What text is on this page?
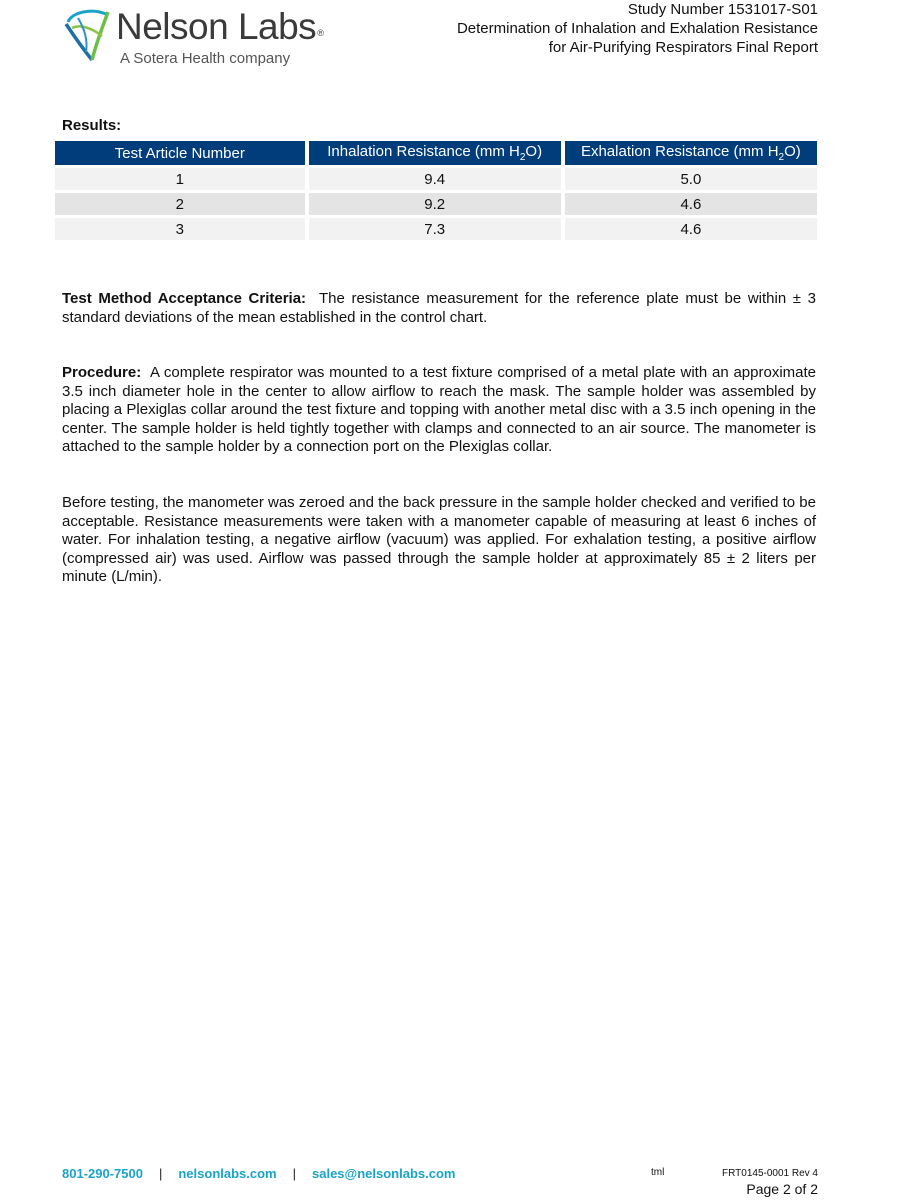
Nelson Labs®
A Sotera Health company
Study Number 1531017-S01
Determination of Inhalation and Exhalation Resistance
for Air-Purifying Respirators Final Report
Results:
Test Article Number	Inhalation Resistance (mm $H_2O$)	Exhalation Resistance (mm $H_2O$)
1	9.4	5.0
2	9.2	4.6
3	7.3	4.6
Test Method Acceptance Criteria: The resistance measurement for the reference plate must be within ± 3 standard deviations of the mean established in the control chart.
Procedure: A complete respirator was mounted to a test fixture comprised of a metal plate with an approximate 3.5 inch diameter hole in the center to allow airflow to reach the mask. The sample holder was assembled by placing a Plexiglas collar around the test fixture and topping with another metal disc with a 3.5 inch opening in the center. The sample holder is held tightly together with clamps and connected to an air source. The manometer is attached to the sample holder by a connection port on the Plexiglas collar.
Before testing, the manometer was zeroed and the back pressure in the sample holder checked and verified to be acceptable. Resistance measurements were taken with a manometer capable of measuring at least 6 inches of water. For inhalation testing, a negative airflow (vacuum) was applied. For exhalation testing, a positive airflow (compressed air) was used. Airflow was passed through the sample holder at approximately 85 ± 2 liters per minute (L/min).
801-290-7500 | nelsonlabs.com | sales@nelsonlabs.com	tml	FRT0145-0001 Rev 4
Page 2 of 2
